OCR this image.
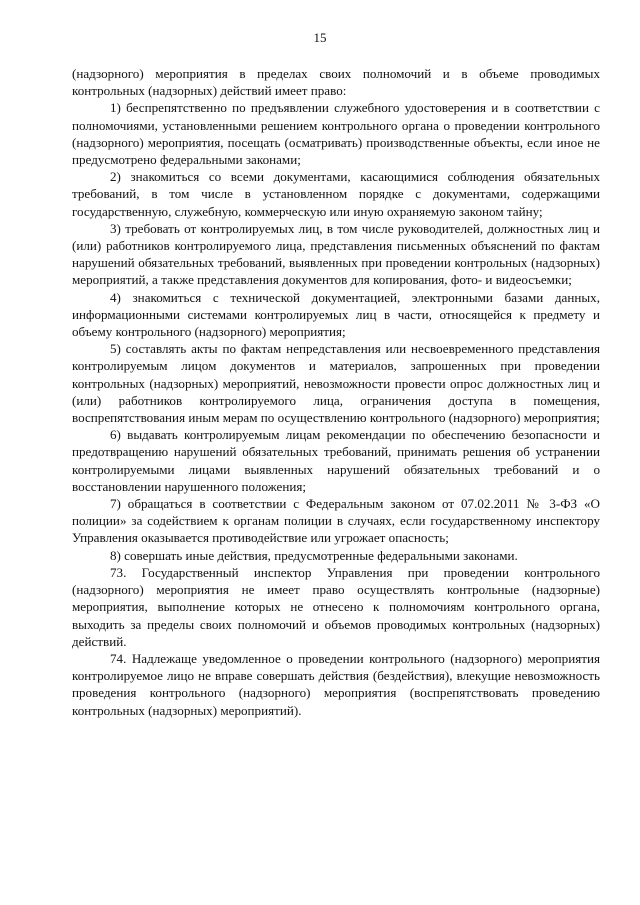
15

(надзорного) мероприятия в пределах своих полномочий и в объеме проводимых контрольных (надзорных) действий имеет право:

1) беспрепятственно по предъявлении служебного удостоверения и в соответствии с полномочиями, установленными решением контрольного органа о проведении контрольного (надзорного) мероприятия, посещать (осматривать) производственные объекты, если иное не предусмотрено федеральными законами;

2) знакомиться со всеми документами, касающимися соблюдения обязательных требований, в том числе в установленном порядке с документами, содержащими государственную, служебную, коммерческую или иную охраняемую законом тайну;

3) требовать от контролируемых лиц, в том числе руководителей, должностных лиц и (или) работников контролируемого лица, представления письменных объяснений по фактам нарушений обязательных требований, выявленных при проведении контрольных (надзорных) мероприятий, а также представления документов для копирования, фото- и видеосъемки;

4) знакомиться с технической документацией, электронными базами данных, информационными системами контролируемых лиц в части, относящейся к предмету и объему контрольного (надзорного) мероприятия;

5) составлять акты по фактам непредставления или несвоевременного представления контролируемым лицом документов и материалов, запрошенных при проведении контрольных (надзорных) мероприятий, невозможности провести опрос должностных лиц и (или) работников контролируемого лица, ограничения доступа в помещения, воспрепятствования иным мерам по осуществлению контрольного (надзорного) мероприятия;

6) выдавать контролируемым лицам рекомендации по обеспечению безопасности и предотвращению нарушений обязательных требований, принимать решения об устранении контролируемыми лицами выявленных нарушений обязательных требований и о восстановлении нарушенного положения;

7) обращаться в соответствии с Федеральным законом от 07.02.2011 № 3-ФЗ «О полиции» за содействием к органам полиции в случаях, если государственному инспектору Управления оказывается противодействие или угрожает опасность;

8) совершать иные действия, предусмотренные федеральными законами.

73. Государственный инспектор Управления при проведении контрольного (надзорного) мероприятия не имеет право осуществлять контрольные (надзорные) мероприятия, выполнение которых не отнесено к полномочиям контрольного органа, выходить за пределы своих полномочий и объемов проводимых контрольных (надзорных) действий.

74. Надлежаще уведомленное о проведении контрольного (надзорного) мероприятия контролируемое лицо не вправе совершать действия (бездействия), влекущие невозможность проведения контрольного (надзорного) мероприятия (воспрепятствовать проведению контрольных (надзорных) мероприятий).
